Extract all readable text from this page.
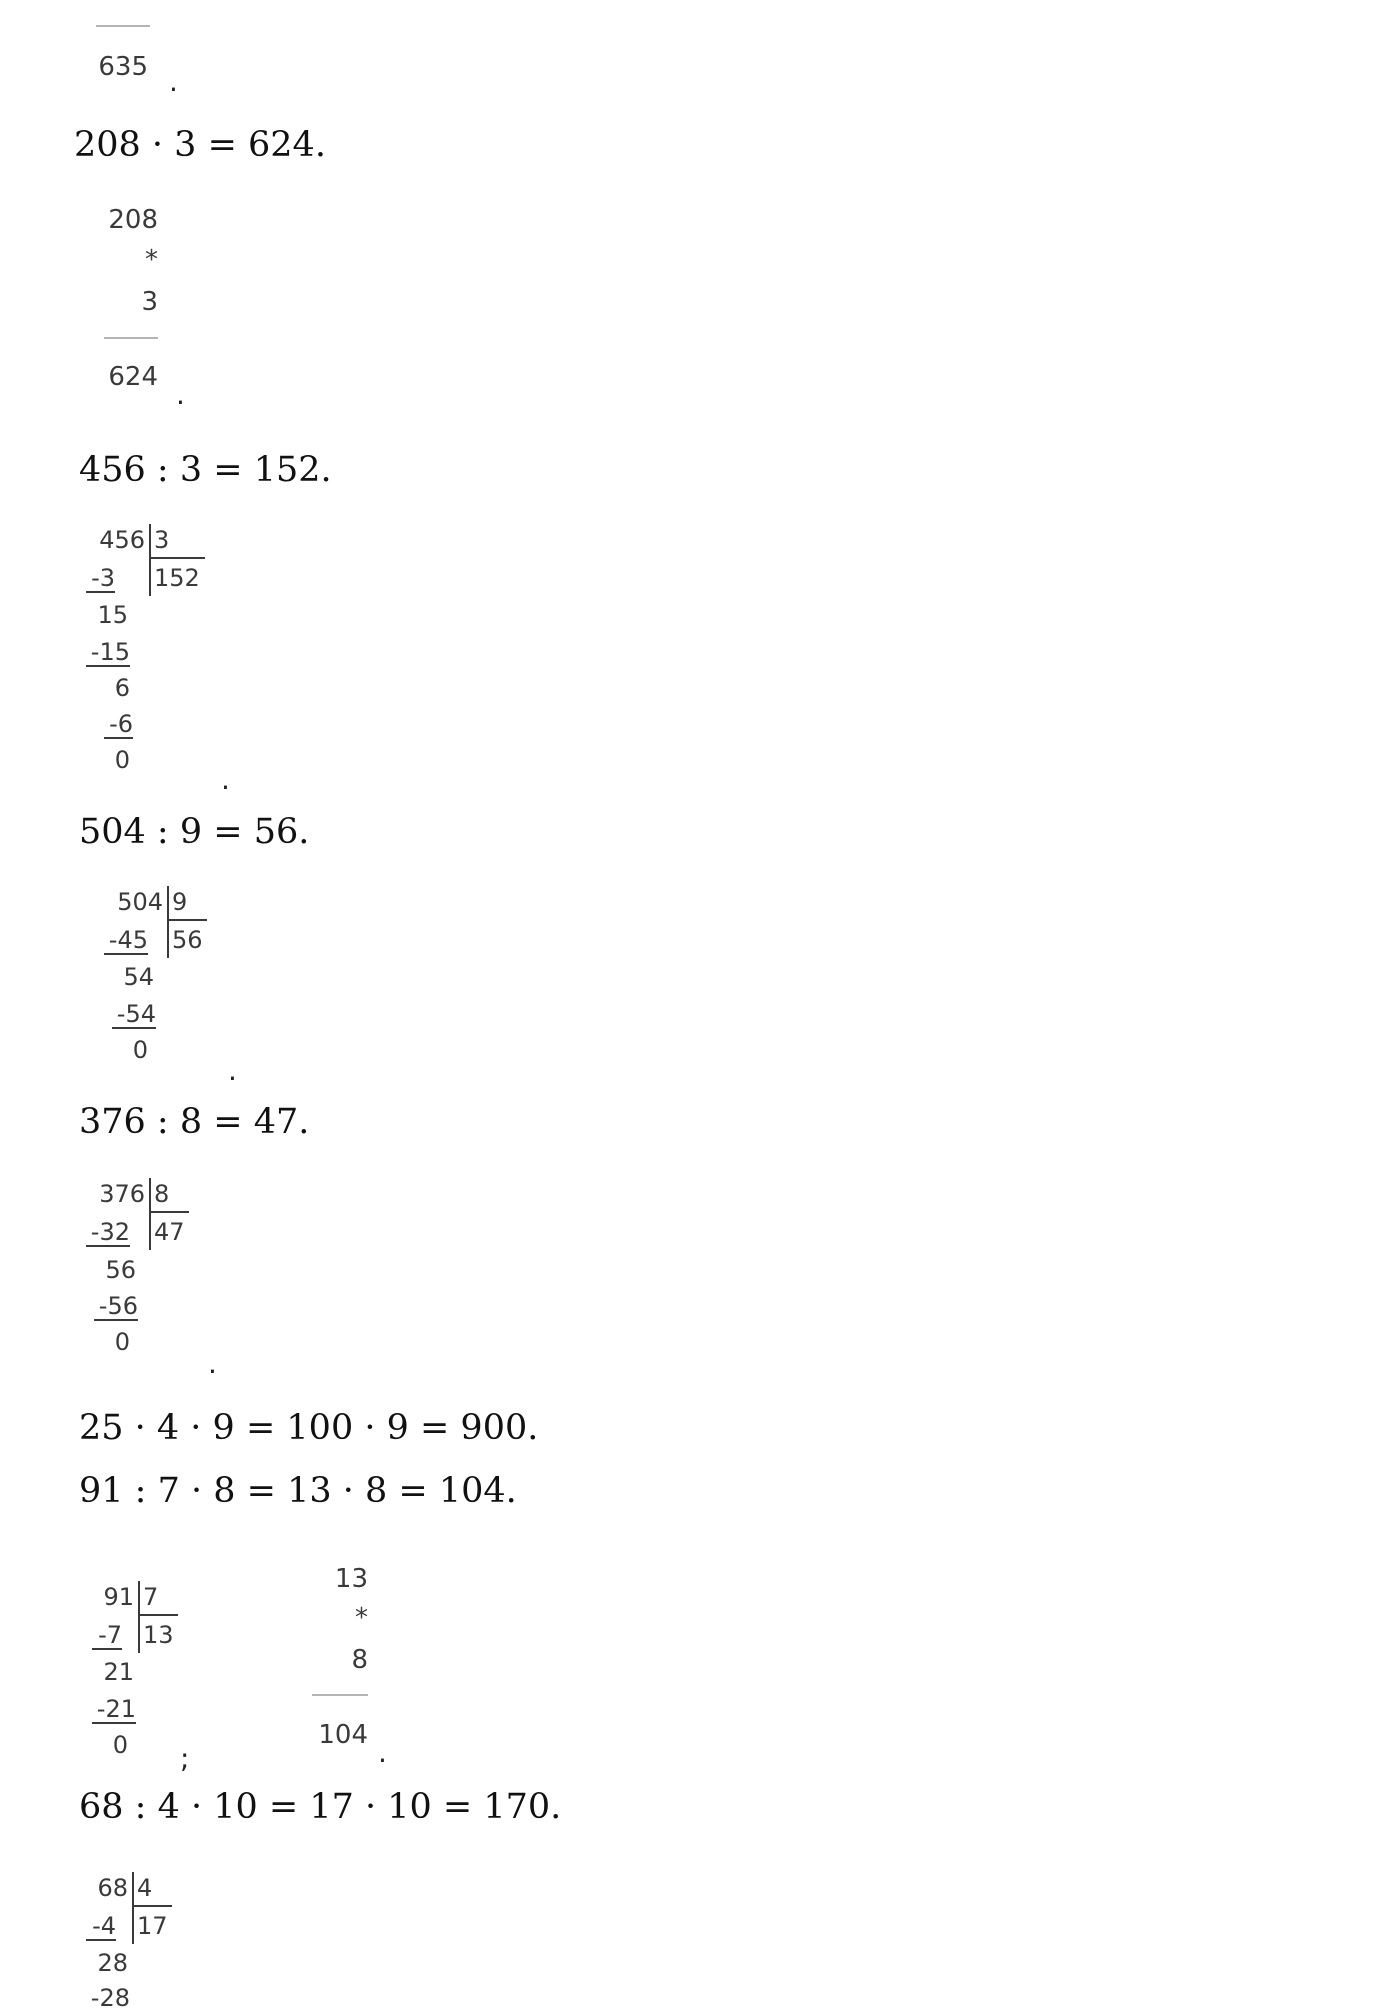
635 .
208 · 3 = 624.
208
*
3
624
.
456 : 3 = 152.
456 3
152
-3
15
-15
6
-6
0
.
504 : 9 = 56.
504 9
56
-45
54
-54
0
.
376 : 8 = 47.
376 8
47
-32
56
-56
0
.
25 · 4 · 9 = 100 · 9 = 900.
91 : 7 · 8 = 13 · 8 = 104.
91 7
13
-7
21
-21
0 ;
13
*
8
104
.
68 : 4 · 10 = 17 · 10 = 170.
68 4
17
-4
28
-28
